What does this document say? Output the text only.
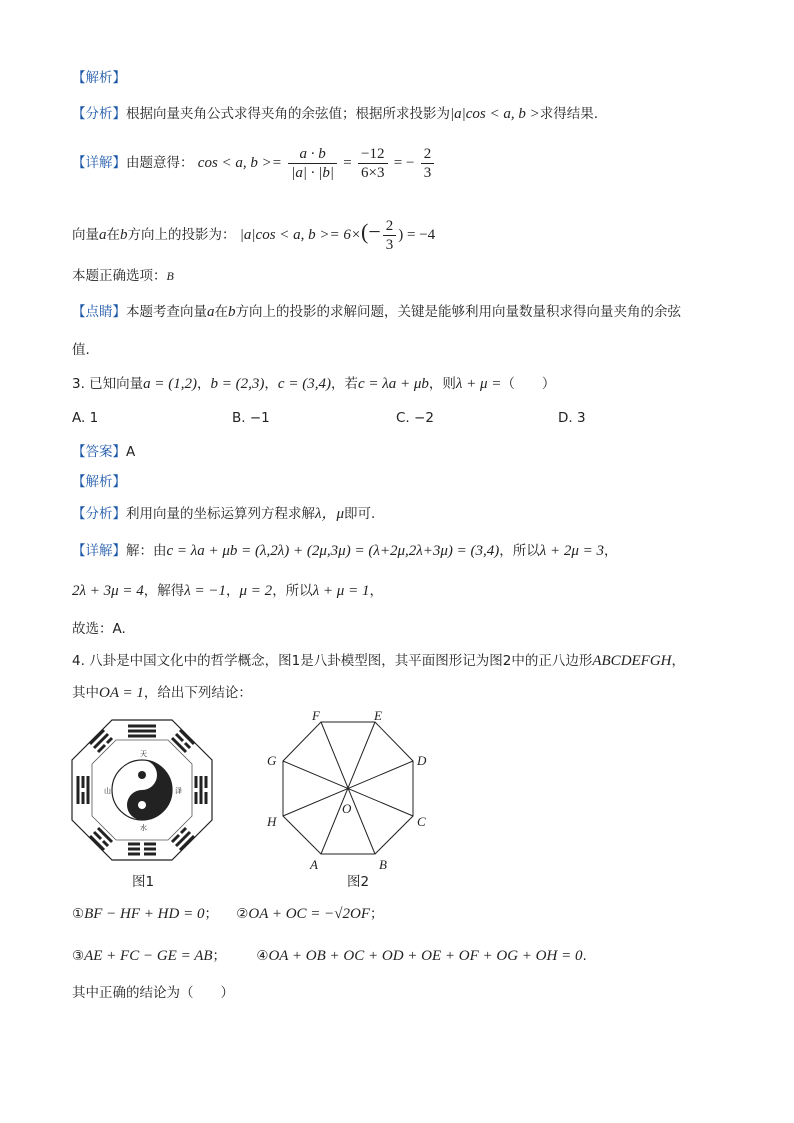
【解析】
【分析】根据向量夹角公式求得夹角的余弦值；根据所求投影为|a|cos < a, b >求得结果.
【详解】由题意得： cos < a, $b >= \frac{a \cdot b}{|a| \cdot |b|} = \frac{-12}{6\times 3}$ = − $\frac{2}{3}$
向量a在b方向上的投影为： |a|cos < a, $b >= 6\times(- \frac{2}{3}$ ) = −4
本题正确选项：B
【点睛】本题考查向量a在b方向上的投影的求解问题，关键是能够利用向量数量积求得向量夹角的余弦
值.
3. 已知向量a = (1,2)，b = (2,3)，c = (3,4)，若c = λa + μb，则λ + μ =（　　）
A. 1	B. −1	C. −2	D. 3
【答案】A
【解析】
【分析】利用向量的坐标运算列方程求解λ，μ即可.
【详解】解：由c = λa + μb = (λ,2λ) + (2μ,3μ) = (λ+2μ,2λ+3μ) = (3,4)，所以λ + 2μ = 3，
2λ + 3μ = 4，解得λ = −1，μ = 2，所以λ + μ = 1，
故选：A.
4. 八卦是中国文化中的哲学概念，图1是八卦模型图，其平面图形记为图2中的正八边形ABCDEFGH，
其中OA = 1，给出下列结论：
天
水
山	泽
图1
F	E
D
C
B
A
H
G
O
图2
①BF − HF + HD = 0； ②OA + OC = −√2OF；
③AE + FC − GE = AB； ④OA + OB + OC + OD + OE + OF + OG + OH = 0.
其中正确的结论为（　　）
